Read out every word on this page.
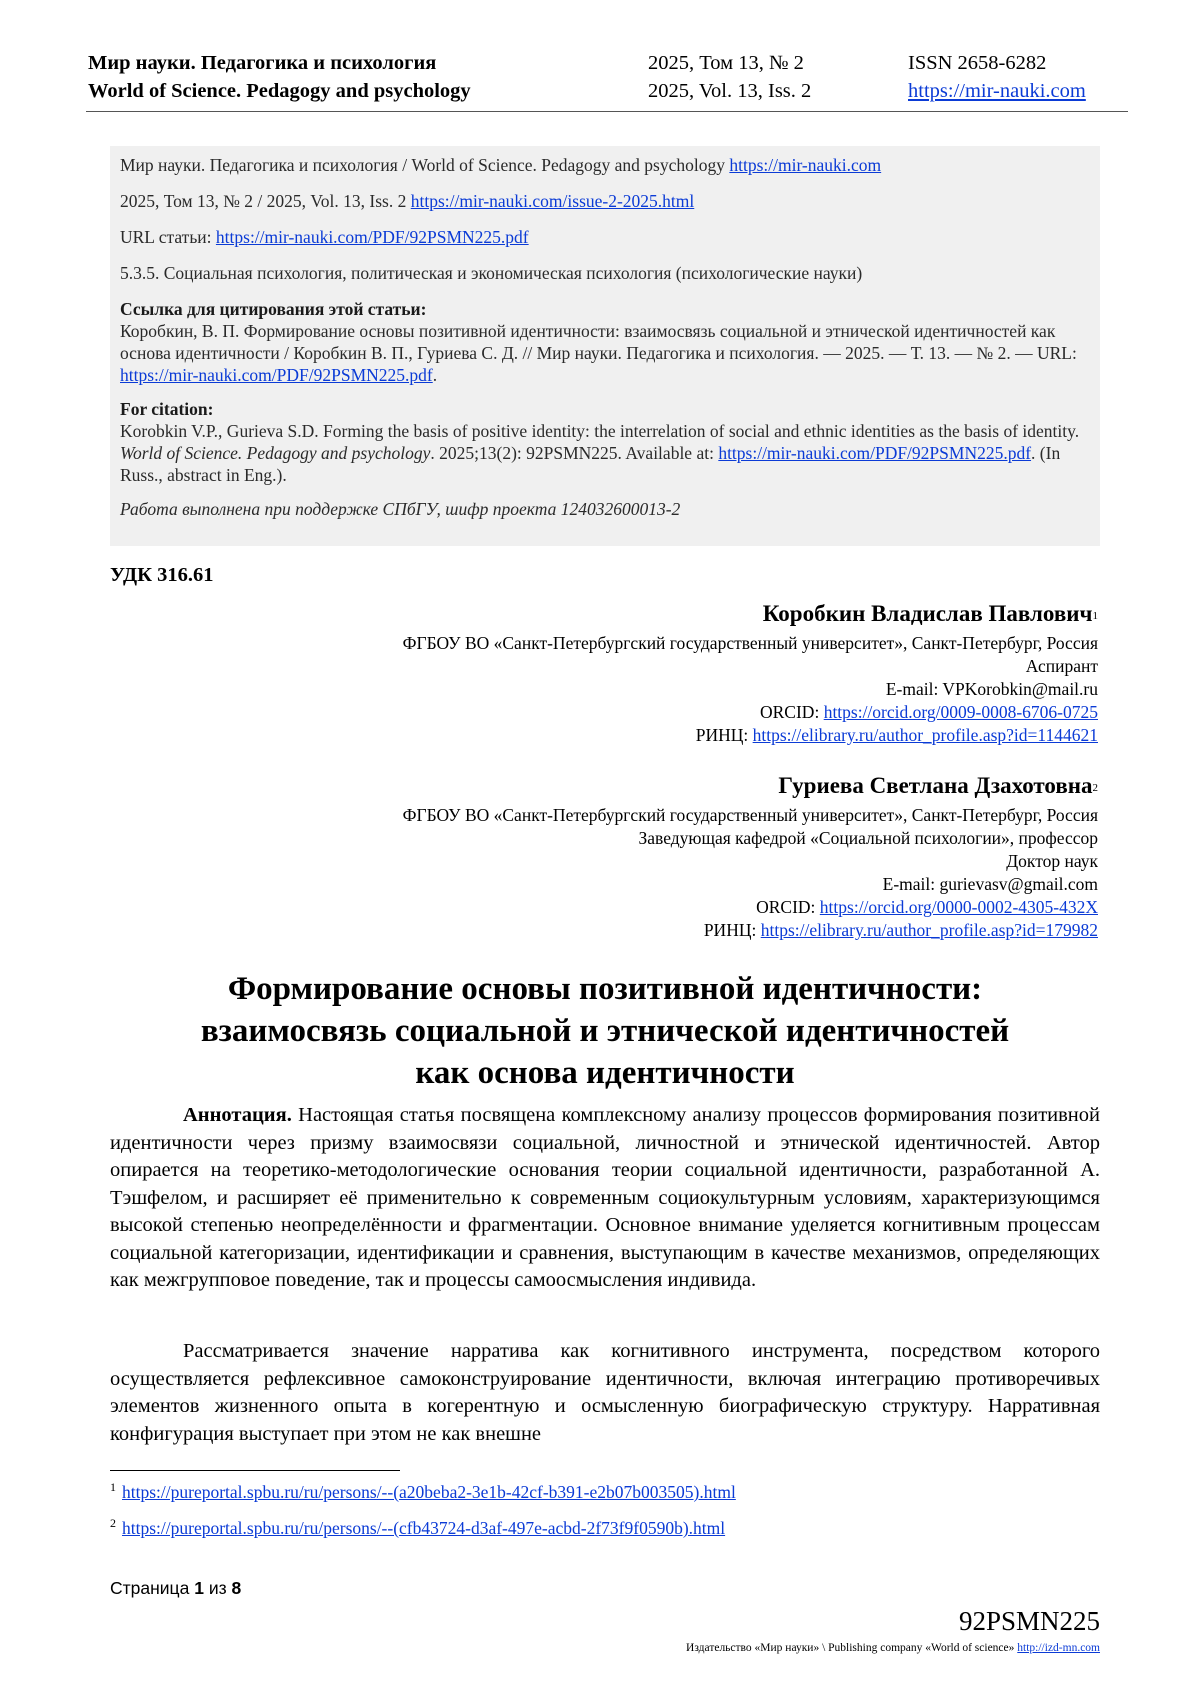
Мир науки. Педагогика и психология	2025, Том 13, № 2	ISSN 2658-6282
World of Science. Pedagogy and psychology	2025, Vol. 13, Iss. 2	https://mir-nauki.com

Мир науки. Педагогика и психология / World of Science. Pedagogy and psychology https://mir-nauki.com

2025, Том 13, № 2 / 2025, Vol. 13, Iss. 2 https://mir-nauki.com/issue-2-2025.html

URL статьи: https://mir-nauki.com/PDF/92PSMN225.pdf

5.3.5. Социальная психология, политическая и экономическая психология (психологические науки)

Ссылка для цитирования этой статьи:
Коробкин, В. П. Формирование основы позитивной идентичности: взаимосвязь социальной и этнической идентичностей как основа идентичности / Коробкин В. П., Гуриева С. Д. // Мир науки. Педагогика и психология. — 2025. — Т. 13. — № 2. — URL: https://mir-nauki.com/PDF/92PSMN225.pdf.

For citation:
Korobkin V.P., Gurieva S.D. Forming the basis of positive identity: the interrelation of social and ethnic identities as the basis of identity. World of Science. Pedagogy and psychology. 2025;13(2): 92PSMN225. Available at: https://mir-nauki.com/PDF/92PSMN225.pdf. (In Russ., abstract in Eng.).

Работа выполнена при поддержке СПбГУ, шифр проекта 124032600013-2

УДК 316.61
Коробкин Владислав Павлович$^1$
ФГБОУ ВО «Санкт-Петербургский государственный университет», Санкт-Петербург, Россия
Аспирант
E-mail: VPKorobkin@mail.ru
ORCID: https://orcid.org/0009-0008-6706-0725
РИНЦ: https://elibrary.ru/author_profile.asp?id=1144621
Гуриева Светлана Дзахотовна$^2$
ФГБОУ ВО «Санкт-Петербургский государственный университет», Санкт-Петербург, Россия
Заведующая кафедрой «Социальной психологии», профессор
Доктор наук
E-mail: gurievasv@gmail.com
ORCID: https://orcid.org/0000-0002-4305-432X
РИНЦ: https://elibrary.ru/author_profile.asp?id=179982
Формирование основы позитивной идентичности:
взаимосвязь социальной и этнической идентичностей
как основа идентичности

Аннотация. Настоящая статья посвящена комплексному анализу процессов формирования позитивной идентичности через призму взаимосвязи социальной, личностной и этнической идентичностей. Автор опирается на теоретико-методологические основания теории социальной идентичности, разработанной А. Тэшфелом, и расширяет её применительно к современным социокультурным условиям, характеризующимся высокой степенью неопределённости и фрагментации. Основное внимание уделяется когнитивным процессам социальной категоризации, идентификации и сравнения, выступающим в качестве механизмов, определяющих как межгрупповое поведение, так и процессы самоосмысления индивида.

Рассматривается значение нарратива как когнитивного инструмента, посредством которого осуществляется рефлексивное самоконструирование идентичности, включая интеграцию противоречивых элементов жизненного опыта в когерентную и осмысленную биографическую структуру. Нарративная конфигурация выступает при этом не как внешне

$^1$ https://pureportal.spbu.ru/ru/persons/--(a20beba2-3e1b-42cf-b391-e2b07b003505).html
$^2$ https://pureportal.spbu.ru/ru/persons/--(cfb43724-d3af-497e-acbd-2f73f9f0590b).html
Страница 1 из 8
92PSMN225
Издательство «Мир науки» \ Publishing company «World of science» http://izd-mn.com
